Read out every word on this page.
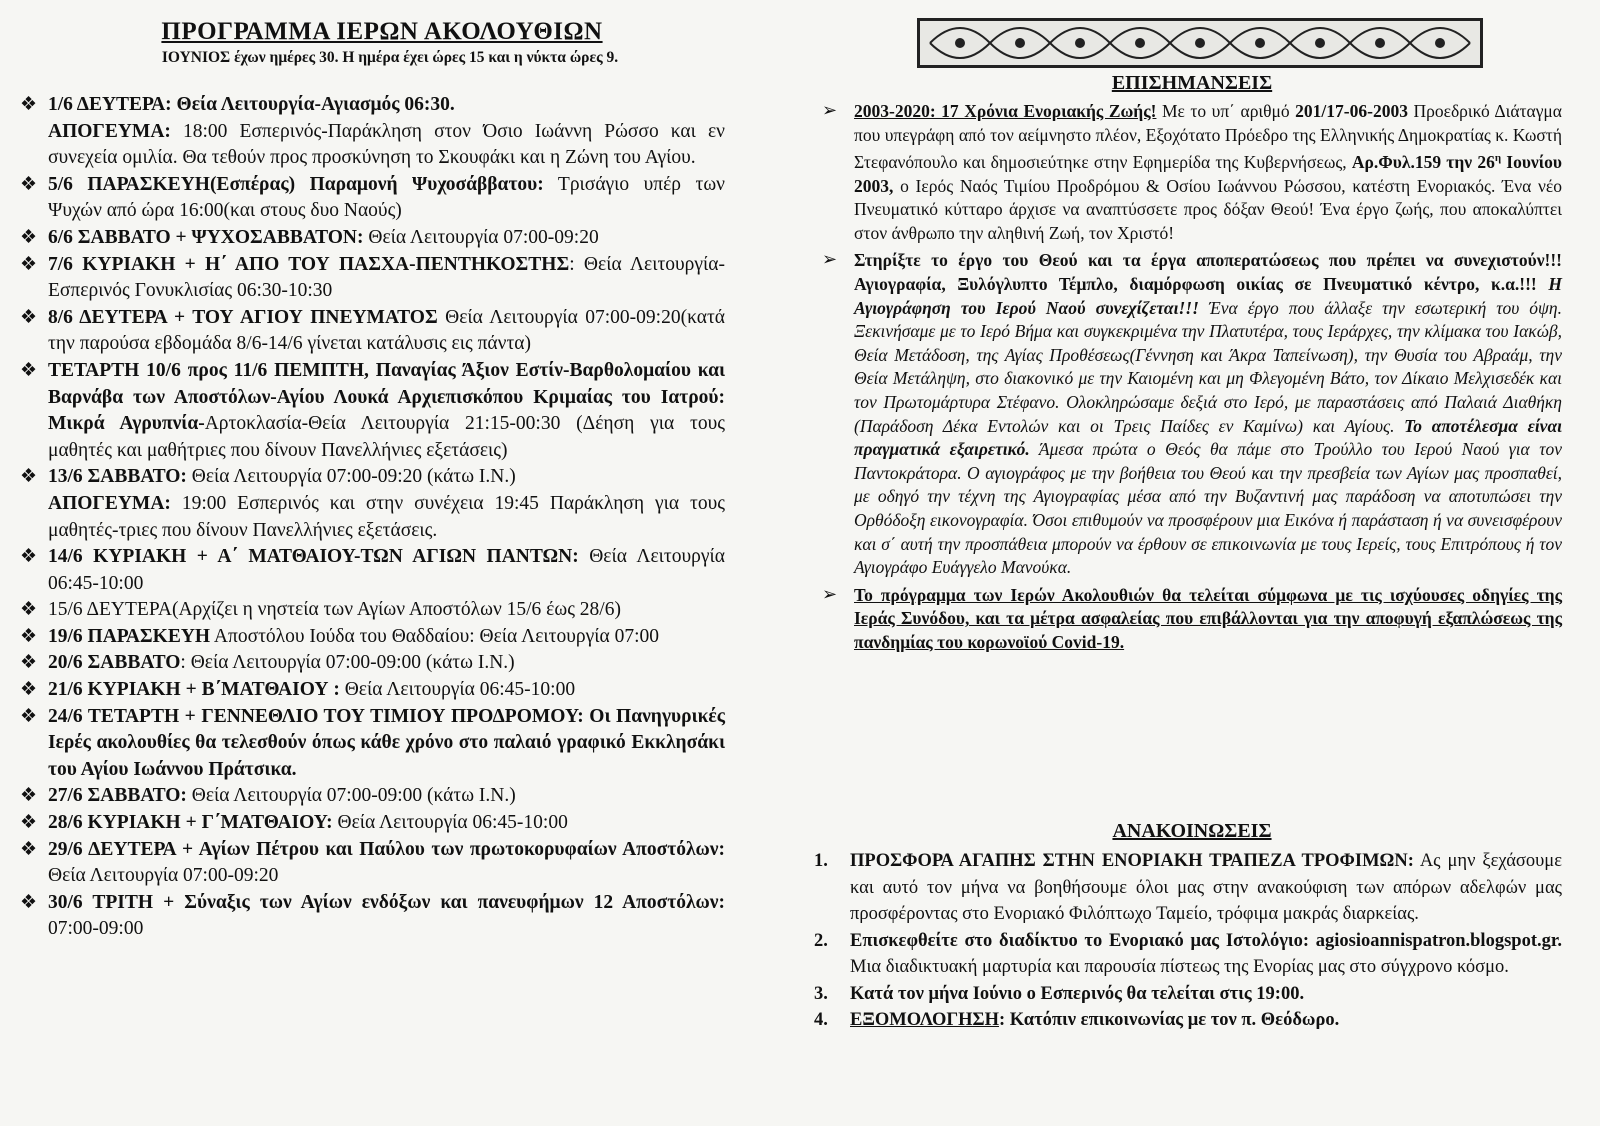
ΠΡΟΓΡΑΜΜΑ ΙΕΡΩΝ ΑΚΟΛΟΥΘΙΩΝ
ΙΟΥΝΙΟΣ έχων ημέρες 30. Η ημέρα έχει ώρες 15 και η νύκτα ώρες 9.
❖ 1/6 ΔΕΥΤΕΡΑ: Θεία Λειτουργία-Αγιασμός 06:30.
ΑΠΟΓΕΥΜΑ: 18:00 Εσπερινός-Παράκληση στον Όσιο Ιωάννη Ρώσσο και εν συνεχεία ομιλία. Θα τεθούν προς προσκύνηση το Σκουφάκι και η Ζώνη του Αγίου.
❖ 5/6 ΠΑΡΑΣΚΕΥΗ(Εσπέρας) Παραμονή Ψυχοσάββατου: Τρισάγιο υπέρ των Ψυχών από ώρα 16:00(και στους δυο Ναούς)
❖ 6/6 ΣΑΒΒΑΤΟ + ΨΥΧΟΣΑΒΒΑΤΟΝ: Θεία Λειτουργία 07:00-09:20
❖ 7/6 ΚΥΡΙΑΚΗ + Η΄ ΑΠΟ ΤΟΥ ΠΑΣΧΑ-ΠΕΝΤΗΚΟΣΤΗΣ: Θεία Λειτουργία-Εσπερινός Γονυκλισίας 06:30-10:30
❖ 8/6 ΔΕΥΤΕΡΑ + ΤΟΥ ΑΓΙΟΥ ΠΝΕΥΜΑΤΟΣ Θεία Λειτουργία 07:00-09:20(κατά την παρούσα εβδομάδα 8/6-14/6 γίνεται κατάλυσις εις πάντα)
❖ ΤΕΤΑΡΤΗ 10/6 προς 11/6 ΠΕΜΠΤΗ, Παναγίας Άξιον Εστίν-Βαρθολομαίου και Βαρνάβα των Αποστόλων-Αγίου Λουκά Αρχιεπισκόπου Κριμαίας του Ιατρού: Μικρά Αγρυπνία-Αρτοκλασία-Θεία Λειτουργία 21:15-00:30 (Δέηση για τους μαθητές και μαθήτριες που δίνουν Πανελλήνιες εξετάσεις)
❖ 13/6 ΣΑΒΒΑΤΟ: Θεία Λειτουργία 07:00-09:20 (κάτω Ι.Ν.)
ΑΠΟΓΕΥΜΑ: 19:00 Εσπερινός και στην συνέχεια 19:45 Παράκληση για τους μαθητές-τριες που δίνουν Πανελλήνιες εξετάσεις.
❖ 14/6 ΚΥΡΙΑΚΗ + Α΄ ΜΑΤΘΑΙΟΥ-ΤΩΝ ΑΓΙΩΝ ΠΑΝΤΩΝ: Θεία Λειτουργία 06:45-10:00
❖ 15/6 ΔΕΥΤΕΡΑ(Αρχίζει η νηστεία των Αγίων Αποστόλων 15/6 έως 28/6)
❖ 19/6 ΠΑΡΑΣΚΕΥΗ Αποστόλου Ιούδα του Θαδδαίου: Θεία Λειτουργία 07:00
❖ 20/6 ΣΑΒΒΑΤΟ: Θεία Λειτουργία 07:00-09:00 (κάτω Ι.Ν.)
❖ 21/6 ΚΥΡΙΑΚΗ + Β΄ΜΑΤΘΑΙΟΥ : Θεία Λειτουργία 06:45-10:00
❖ 24/6 ΤΕΤΑΡΤΗ + ΓΕΝΝΕΘΛΙΟ ΤΟΥ ΤΙΜΙΟΥ ΠΡΟΔΡΟΜΟΥ: Οι Πανηγυρικές Ιερές ακολουθίες θα τελεσθούν όπως κάθε χρόνο στο παλαιό γραφικό Εκκλησάκι του Αγίου Ιωάννου Πράτσικα.
❖ 27/6 ΣΑΒΒΑΤΟ: Θεία Λειτουργία 07:00-09:00 (κάτω Ι.Ν.)
❖ 28/6 ΚΥΡΙΑΚΗ + Γ΄ΜΑΤΘΑΙΟΥ: Θεία Λειτουργία 06:45-10:00
❖ 29/6 ΔΕΥΤΕΡΑ + Αγίων Πέτρου και Παύλου των πρωτοκορυφαίων Αποστόλων: Θεία Λειτουργία 07:00-09:20
❖ 30/6 ΤΡΙΤΗ + Σύναξις των Αγίων ενδόξων και πανευφήμων 12 Αποστόλων: 07:00-09:00
ΕΠΙΣΗΜΑΝΣΕΙΣ
➢ 2003-2020: 17 Χρόνια Ενοριακής Ζωής! Με το υπ΄ αριθμό 201/17-06-2003 Προεδρικό Διάταγμα που υπεγράφη από τον αείμνηστο πλέον, Εξοχότατο Πρόεδρο της Ελληνικής Δημοκρατίας κ. Κωστή Στεφανόπουλο και δημοσιεύτηκε στην Εφημερίδα της Κυβερνήσεως, Αρ.Φυλ.159 την $26^\eta$ Ιουνίου 2003, ο Ιερός Ναός Τιμίου Προδρόμου & Οσίου Ιωάννου Ρώσσου, κατέστη Ενοριακός. Ένα νέο Πνευματικό κύτταρο άρχισε να αναπτύσσετε προς δόξαν Θεού! Ένα έργο ζωής, που αποκαλύπτει στον άνθρωπο την αληθινή Ζωή, τον Χριστό!
➢ Στηρίξτε το έργο του Θεού και τα έργα αποπερατώσεως που πρέπει να συνεχιστούν!!! Αγιογραφία, Ξυλόγλυπτο Τέμπλο, διαμόρφωση οικίας σε Πνευματικό κέντρο, κ.α.!!! Η Αγιογράφηση του Ιερού Ναού συνεχίζεται!!! Ένα έργο που άλλαξε την εσωτερική του όψη. Ξεκινήσαμε με το Ιερό Βήμα και συγκεκριμένα την Πλατυτέρα, τους Ιεράρχες, την κλίμακα του Ιακώβ, Θεία Μετάδοση, της Αγίας Προθέσεως(Γέννηση και Άκρα Ταπείνωση), την Θυσία του Αβραάμ, την Θεία Μετάληψη, στο διακονικό με την Καιομένη και μη Φλεγομένη Βάτο, τον Δίκαιο Μελχισεδέκ και τον Πρωτομάρτυρα Στέφανο. Ολοκληρώσαμε δεξιά στο Ιερό, με παραστάσεις από Παλαιά Διαθήκη (Παράδοση Δέκα Εντολών και οι Τρεις Παίδες εν Καμίνω) και Αγίους. Το αποτέλεσμα είναι πραγματικά εξαιρετικό. Άμεσα πρώτα ο Θεός θα πάμε στο Τρούλλο του Ιερού Ναού για τον Παντοκράτορα. Ο αγιογράφος με την βοήθεια του Θεού και την πρεσβεία των Αγίων μας προσπαθεί, με οδηγό την τέχνη της Αγιογραφίας μέσα από την Βυζαντινή μας παράδοση να αποτυπώσει την Ορθόδοξη εικονογραφία. Όσοι επιθυμούν να προσφέρουν μια Εικόνα ή παράσταση ή να συνεισφέρουν και σ΄ αυτή την προσπάθεια μπορούν να έρθουν σε επικοινωνία με τους Ιερείς, τους Επιτρόπους ή τον Αγιογράφο Ευάγγελο Μανούκα.
➢ Το πρόγραμμα των Ιερών Ακολουθιών θα τελείται σύμφωνα με τις ισχύουσες οδηγίες της Ιεράς Συνόδου, και τα μέτρα ασφαλείας που επιβάλλονται για την αποφυγή εξαπλώσεως της πανδημίας του κορωνοϊού Covid-19.
ΑΝΑΚΟΙΝΩΣΕΙΣ
1. ΠΡΟΣΦΟΡΑ ΑΓΑΠΗΣ ΣΤΗΝ ΕΝΟΡΙΑΚΗ ΤΡΑΠΕΖΑ ΤΡΟΦΙΜΩΝ: Ας μην ξεχάσουμε και αυτό τον μήνα να βοηθήσουμε όλοι μας στην ανακούφιση των απόρων αδελφών μας προσφέροντας στο Ενοριακό Φιλόπτωχο Ταμείο, τρόφιμα μακράς διαρκείας.
2. Επισκεφθείτε στο διαδίκτυο το Ενοριακό μας Ιστολόγιο: agiosioannispatron.blogspot.gr. Μια διαδικτυακή μαρτυρία και παρουσία πίστεως της Ενορίας μας στο σύγχρονο κόσμο.
3. Κατά τον μήνα Ιούνιο ο Εσπερινός θα τελείται στις 19:00.
4. ΕΞΟΜΟΛΟΓΗΣΗ: Κατόπιν επικοινωνίας με τον π. Θεόδωρο.
